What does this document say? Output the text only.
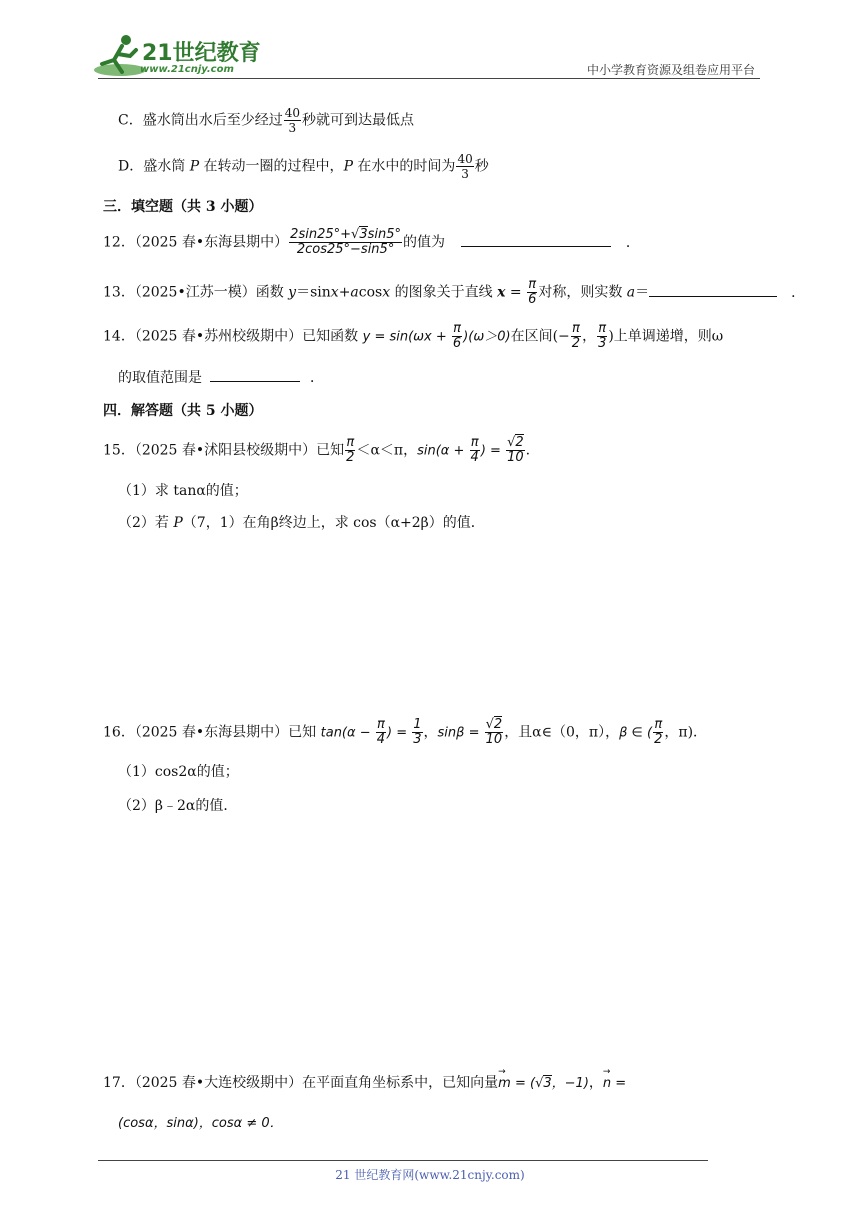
21世纪教育
www.21cnjy.com	中小学教育资源及组卷应用平台
C．盛水筒出水后至少经过 $\frac{40}{3}$ 秒就可到达最低点
D．盛水筒 P 在转动一圈的过程中，P 在水中的时间为 $\frac{40}{3}$ 秒
三．填空题（共 3 小题）
12．（2025 春•东海县期中） $\frac{2\sin 25^\circ+√3\sin 5^\circ}{2\cos 25^\circ-\sin 5^\circ}$ 的值为	．
13．（2025•江苏一模）函数 y＝sinx+acosx 的图象关于直线 $x = \frac{\pi}{6}$ 对称，则实数 a＝	．
14．（2025 春•苏州校级期中）已知函数 $y = \sin(\omega x + \frac{\pi}{6} )(\omega>0)$在区间(− $\frac{\pi}{2}$ ， $\frac{\pi}{3}$ )上单调递增，则ω
的取值范围是	．
四．解答题（共 5 小题）
15．（2025 春•沭阳县校级期中）已知 $\frac{\pi}{2} <\alpha<\pi$，$\sin(\alpha + \frac{\pi}{4}$ ) = $\frac{√2}{10}$ .
（1）求 tanα的值；
（2）若 P（7，1）在角β终边上，求 cos（α+2β）的值．
16．（2025 春•东海县期中）已知 $\tan(\alpha - \frac{\pi}{4}$ ) = $\frac{1}{3}$ ，$\sin\beta = \frac{√2}{10}$ ，且α∈（0，π），β ∈ ( $\frac{\pi}{2}$ ，π)．
（1）cos2α的值；
（2）β﹣2α的值．
17．（2025 春•大连校级期中）在平面直角坐标系中，已知向量→ m = (√3，−1)，→ n =
(cosα，sinα)，cosα ≠ 0．
21 世纪教育网(www.21cnjy.com)
